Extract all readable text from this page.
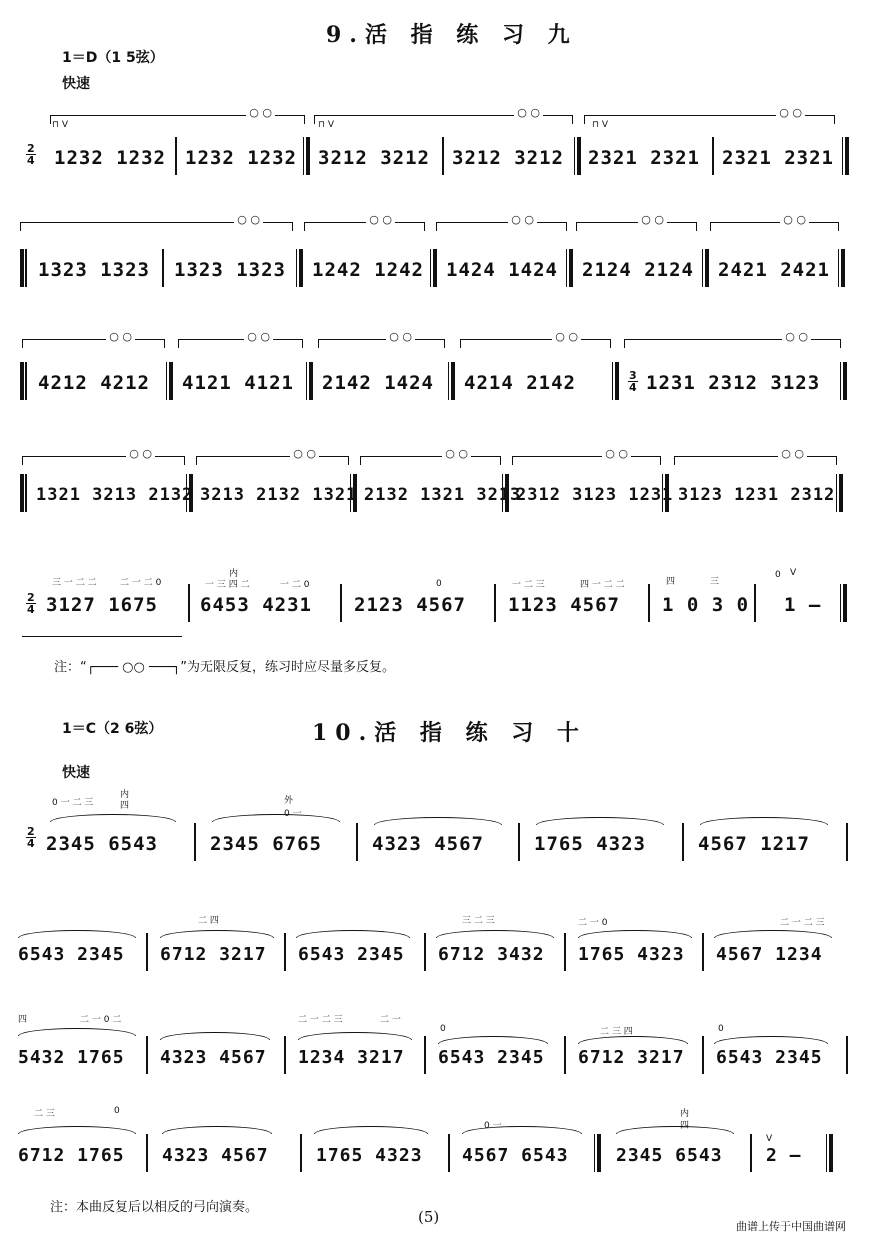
9.活 指 练 习 九
1＝D（1 5弦）
快速
2
4
○ ○	○ ○	○ ○
⊓ V	⊓ V	⊓ V
1232 1232 1232 1232 3212 3212 3212 3212 2321 2321 2321 2321
○ ○	○ ○	○ ○	○ ○	○ ○
1323 1323 1323 1323 1242 1242 1424 1424 2124 2124 2421 2421
○ ○	○ ○	○ ○	○ ○	○ ○
4212 4212 4121 4121 2142 1424 4214 2142	3
4 1231 2312 3123
○ ○	○ ○	○ ○	○ ○	○ ○
1321 3213 2132 3213 2132 1321 2132 1321 3213
2312 3123 1231 3123 1231 2312
三 一 二 二	二 一 二 0
内
一 三 四 二	一 二 0	0	一 二 三	四 一 二 二	四	三
0 V
2
4 3127 1675 6453 4231 2123 4567 1123 4567 1 0 3 0 1 –
注：“┌─── ○○ ───┐”为无限反复，练习时应尽量多反复。
1＝C（2 6弦）	10.活 指 练 习 十
快速
0 一 二 三
内
四	外
0 一
2
4 2345 6543	2345 6765	4323 4567	1765 4323	4567 1217
二 四	三 二 三	二 一 0	二 一 二 三
6543 2345 6712 3217 6543 2345 6712 3432 1765 4323 4567 1234
四	二 一 0 二	二 一 二 三	二 一
0	二 三 四	0
5432 1765 4323 4567 1234 3217 6543 2345 6712 3217 6543 2345
二 三	0
0 一
内
四
V
6712 1765 4323 4567	1765 4323 4567 6543	2345 6543 2 –
注：本曲反复后以相反的弓向演奏。
(5)
曲谱上传于中国曲谱网
